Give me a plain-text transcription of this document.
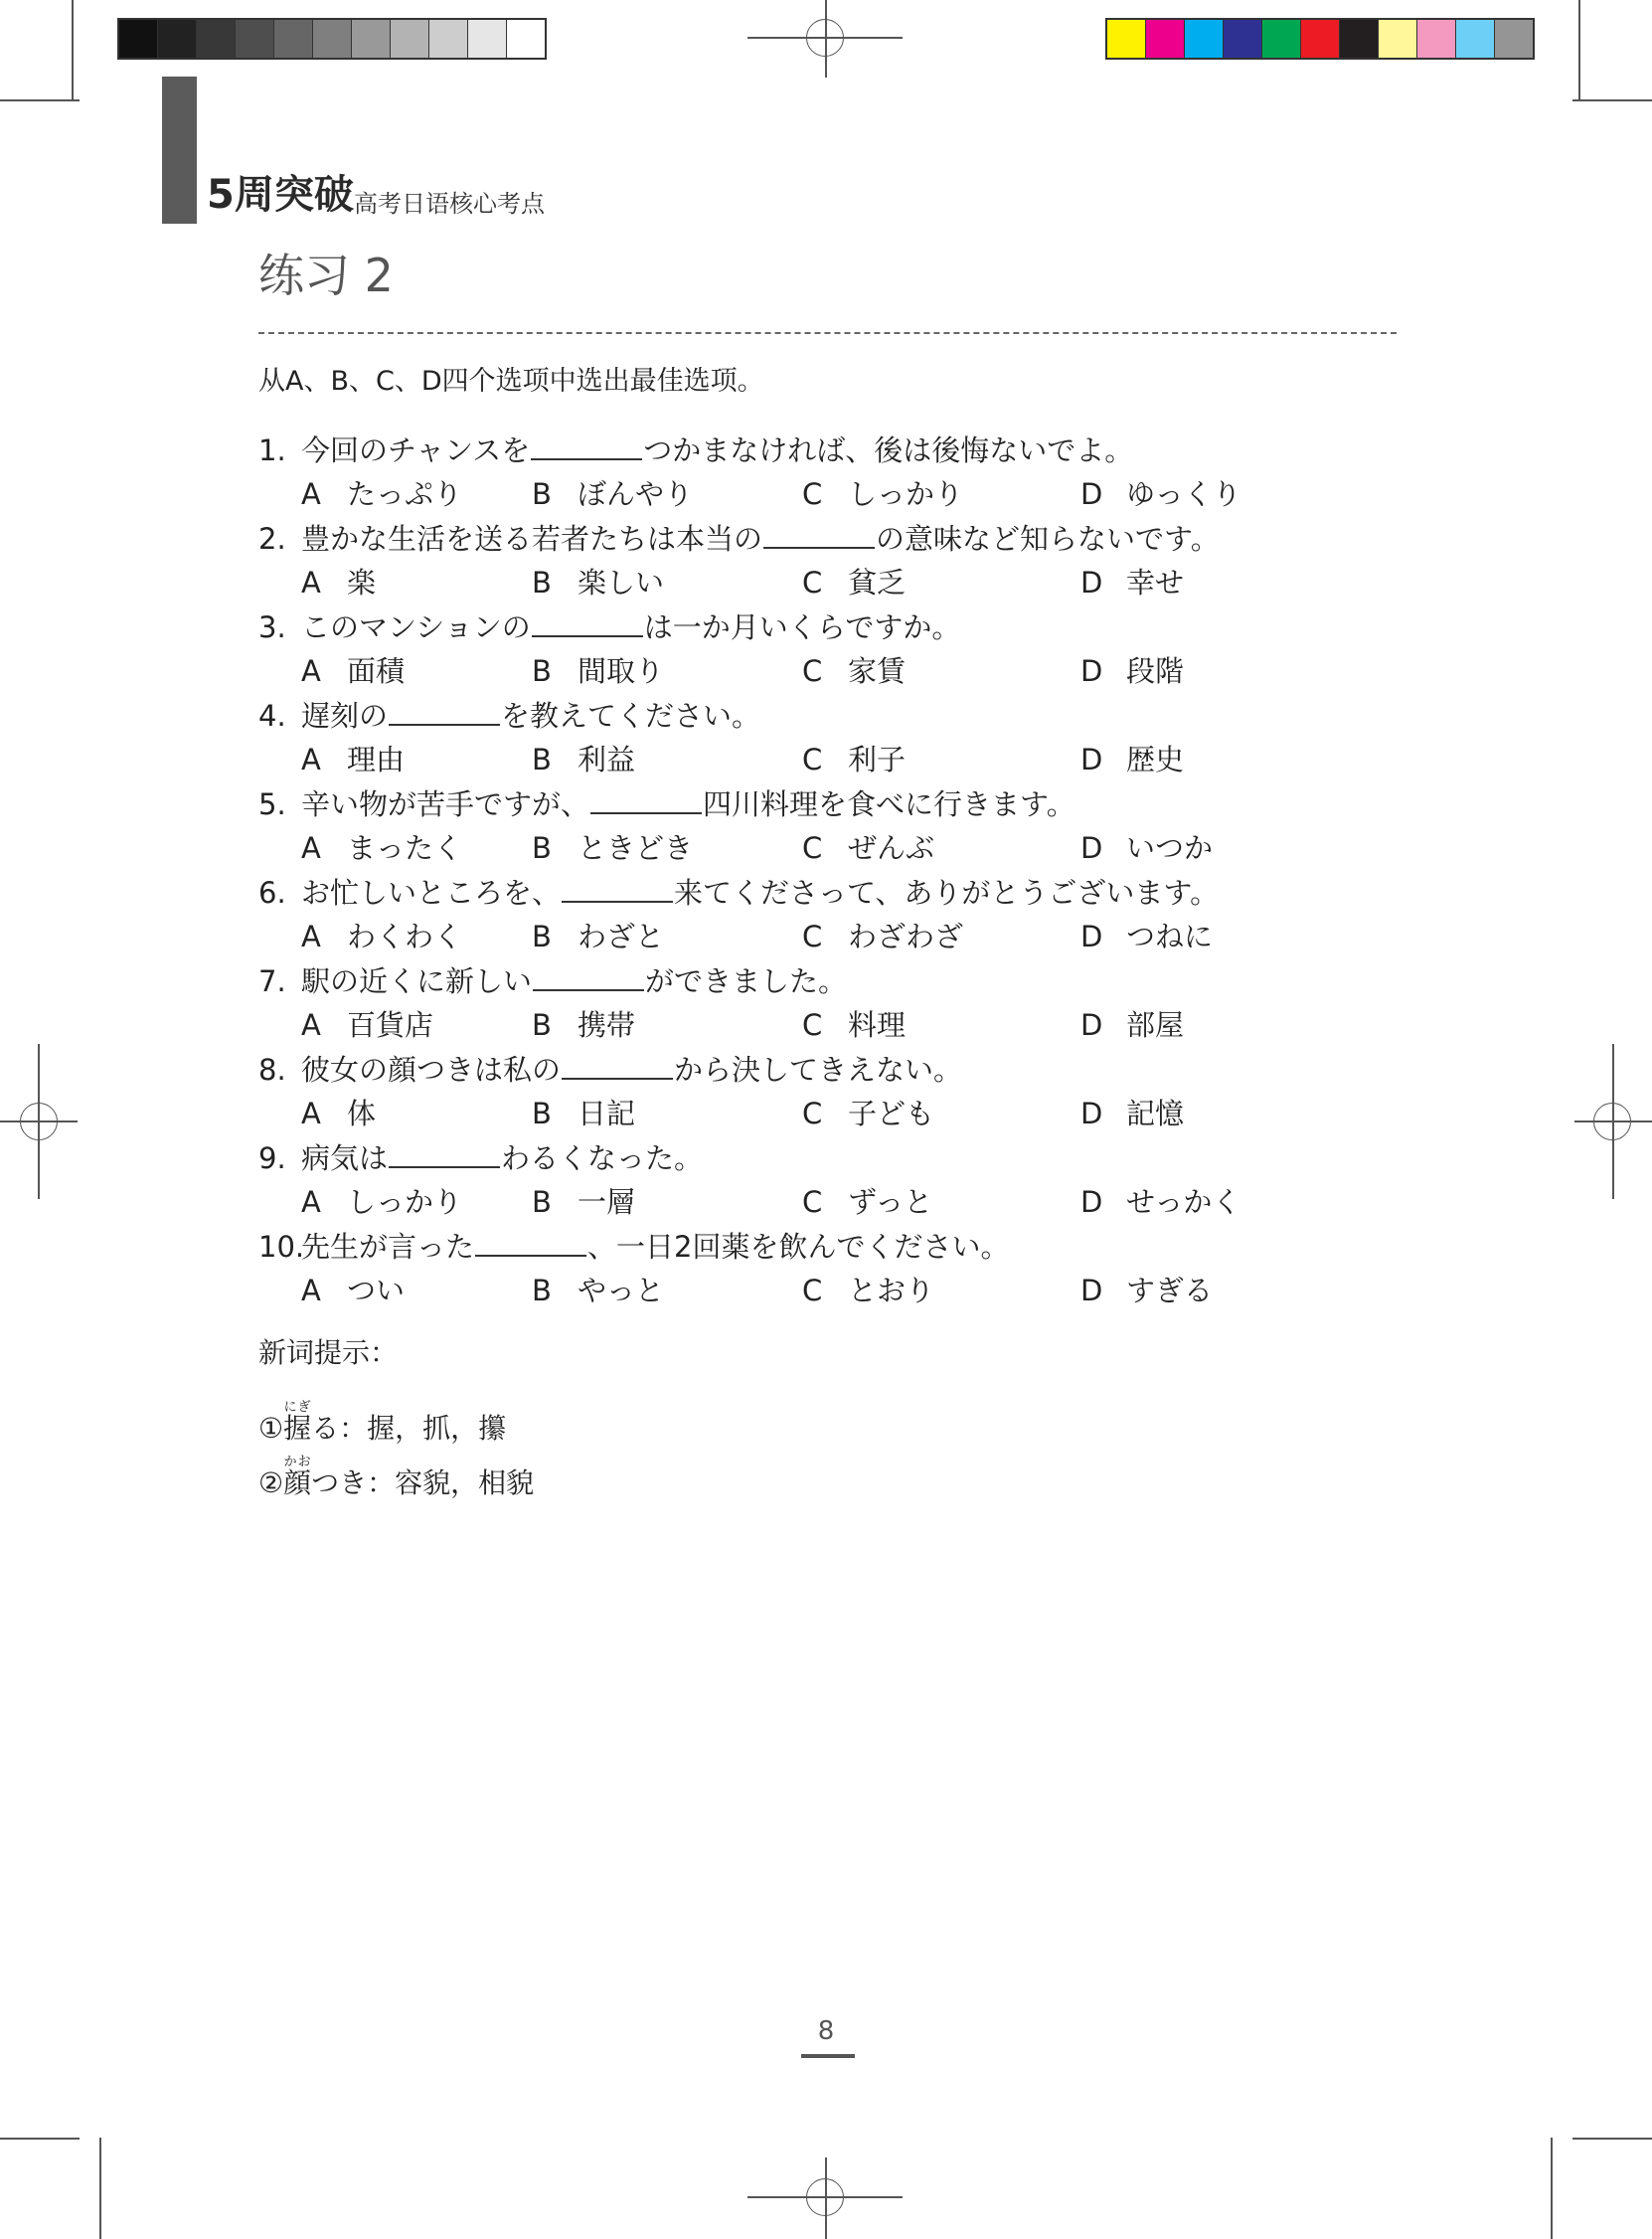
5周突破 高考日语核心考点
练习 2
从A、B、C、D四个选项中选出最佳选项。
1. 今回のチャンスを	つかまなければ、後は後悔ないでよ。
A たっぷり B ぼんやり	C しっかり	D ゆっくり
2. 豊かな生活を送る若者たちは本当の	の意味など知らないです。
A 楽	B 楽しい	C 貧乏	D 幸せ
3. このマンションの	は一か月いくらですか。
A 面積	B 間取り	C 家賃	D 段階
4. 遅刻の	を教えてください。
A 理由	B 利益	C 利子	D 歴史
5. 辛い物が苦手ですが、	四川料理を食べに行きます。
A まったく B ときどき	C ぜんぶ	D いつか
6. お忙しいところを、	来てくださって、ありがとうございます。
A わくわく B わざと	C わざわざ	D つねに
7. 駅の近くに新しい	ができました。
A 百貨店	B 携帯	C 料理	D 部屋
8. 彼女の顔つきは私の	から決してきえない。
A 体	B 日記	C 子ども	D 記憶
9. 病気は	わるくなった。
A しっかり B 一層	C ずっと	D せっかく
10.先生が言った	、一日2回薬を飲んでください。
A つい	B やっと	C とおり	D すぎる
新词提示：
①握にぎる：握，抓，攥
②顔かおつき：容貌，相貌
8
